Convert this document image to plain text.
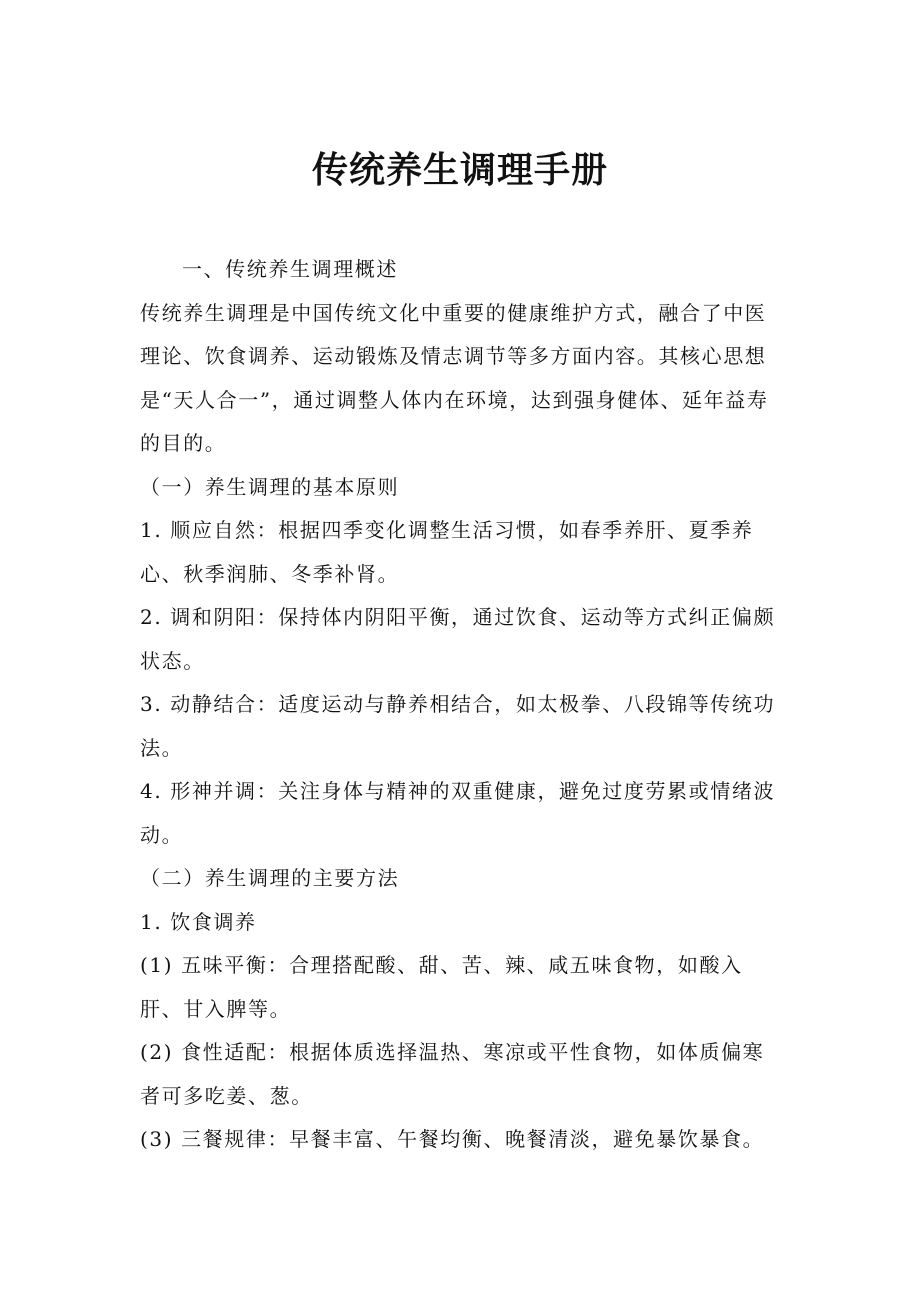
传统养生调理手册

一、传统养生调理概述

传统养生调理是中国传统文化中重要的健康维护方式，融合了中医

理论、饮食调养、运动锻炼及情志调节等多方面内容。其核心思想

是“天人合一”，通过调整人体内在环境，达到强身健体、延年益寿

的目的。

（一）养生调理的基本原则

1. 顺应自然：根据四季变化调整生活习惯，如春季养肝、夏季养

心、秋季润肺、冬季补肾。

2. 调和阴阳：保持体内阴阳平衡，通过饮食、运动等方式纠正偏颇

状态。

3. 动静结合：适度运动与静养相结合，如太极拳、八段锦等传统功

法。

4. 形神并调：关注身体与精神的双重健康，避免过度劳累或情绪波

动。

（二）养生调理的主要方法

1. 饮食调养

(1) 五味平衡：合理搭配酸、甜、苦、辣、咸五味食物，如酸入

肝、甘入脾等。

(2) 食性适配：根据体质选择温热、寒凉或平性食物，如体质偏寒

者可多吃姜、葱。

(3) 三餐规律：早餐丰富、午餐均衡、晚餐清淡，避免暴饮暴食。
